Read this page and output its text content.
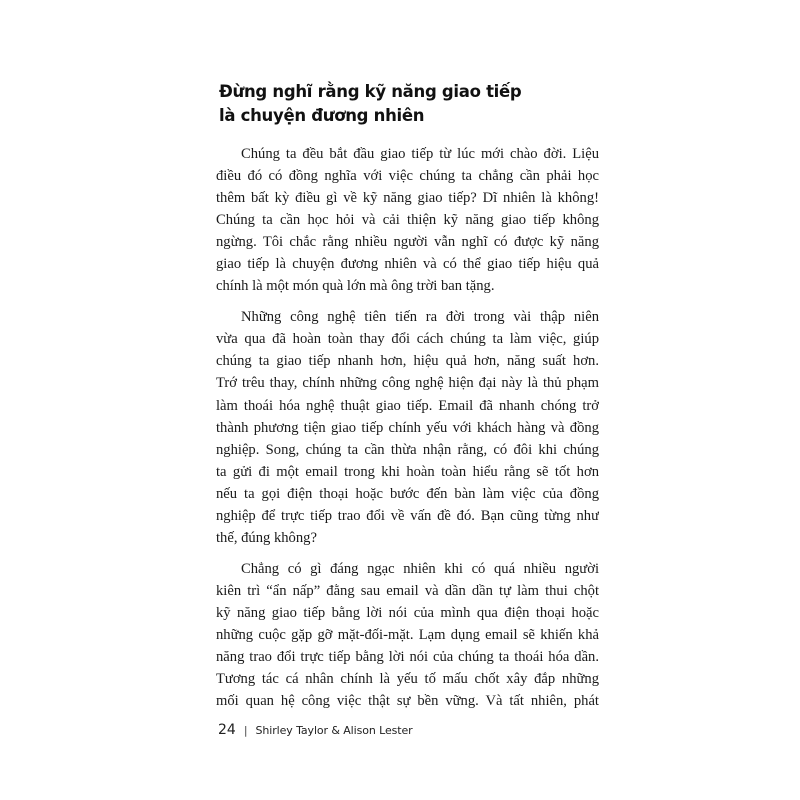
Đừng nghĩ rằng kỹ năng giao tiếp
là chuyện đương nhiên

Chúng ta đều bắt đầu giao tiếp từ lúc mới chào đời. Liệu
điều đó có đồng nghĩa với việc chúng ta chẳng cần phải học
thêm bất kỳ điều gì về kỹ năng giao tiếp? Dĩ nhiên là không!
Chúng ta cần học hỏi và cải thiện kỹ năng giao tiếp không
ngừng. Tôi chắc rằng nhiều người vẫn nghĩ có được kỹ năng
giao tiếp là chuyện đương nhiên và có thể giao tiếp hiệu quả
chính là một món quà lớn mà ông trời ban tặng.

Những công nghệ tiên tiến ra đời trong vài thập niên
vừa qua đã hoàn toàn thay đổi cách chúng ta làm việc, giúp
chúng ta giao tiếp nhanh hơn, hiệu quả hơn, năng suất hơn.
Trớ trêu thay, chính những công nghệ hiện đại này là thủ phạm
làm thoái hóa nghệ thuật giao tiếp. Email đã nhanh chóng trở
thành phương tiện giao tiếp chính yếu với khách hàng và đồng
nghiệp. Song, chúng ta cần thừa nhận rằng, có đôi khi chúng
ta gửi đi một email trong khi hoàn toàn hiểu rằng sẽ tốt hơn
nếu ta gọi điện thoại hoặc bước đến bàn làm việc của đồng
nghiệp để trực tiếp trao đổi về vấn đề đó. Bạn cũng từng như
thế, đúng không?

Chẳng có gì đáng ngạc nhiên khi có quá nhiều người
kiên trì “ẩn nấp” đằng sau email và dần dần tự làm thui chột
kỹ năng giao tiếp bằng lời nói của mình qua điện thoại hoặc
những cuộc gặp gỡ mặt-đối-mặt. Lạm dụng email sẽ khiến khả
năng trao đổi trực tiếp bằng lời nói của chúng ta thoái hóa dần.
Tương tác cá nhân chính là yếu tố mấu chốt xây đắp những
mối quan hệ công việc thật sự bền vững. Và tất nhiên, phát

24 | Shirley Taylor & Alison Lester
